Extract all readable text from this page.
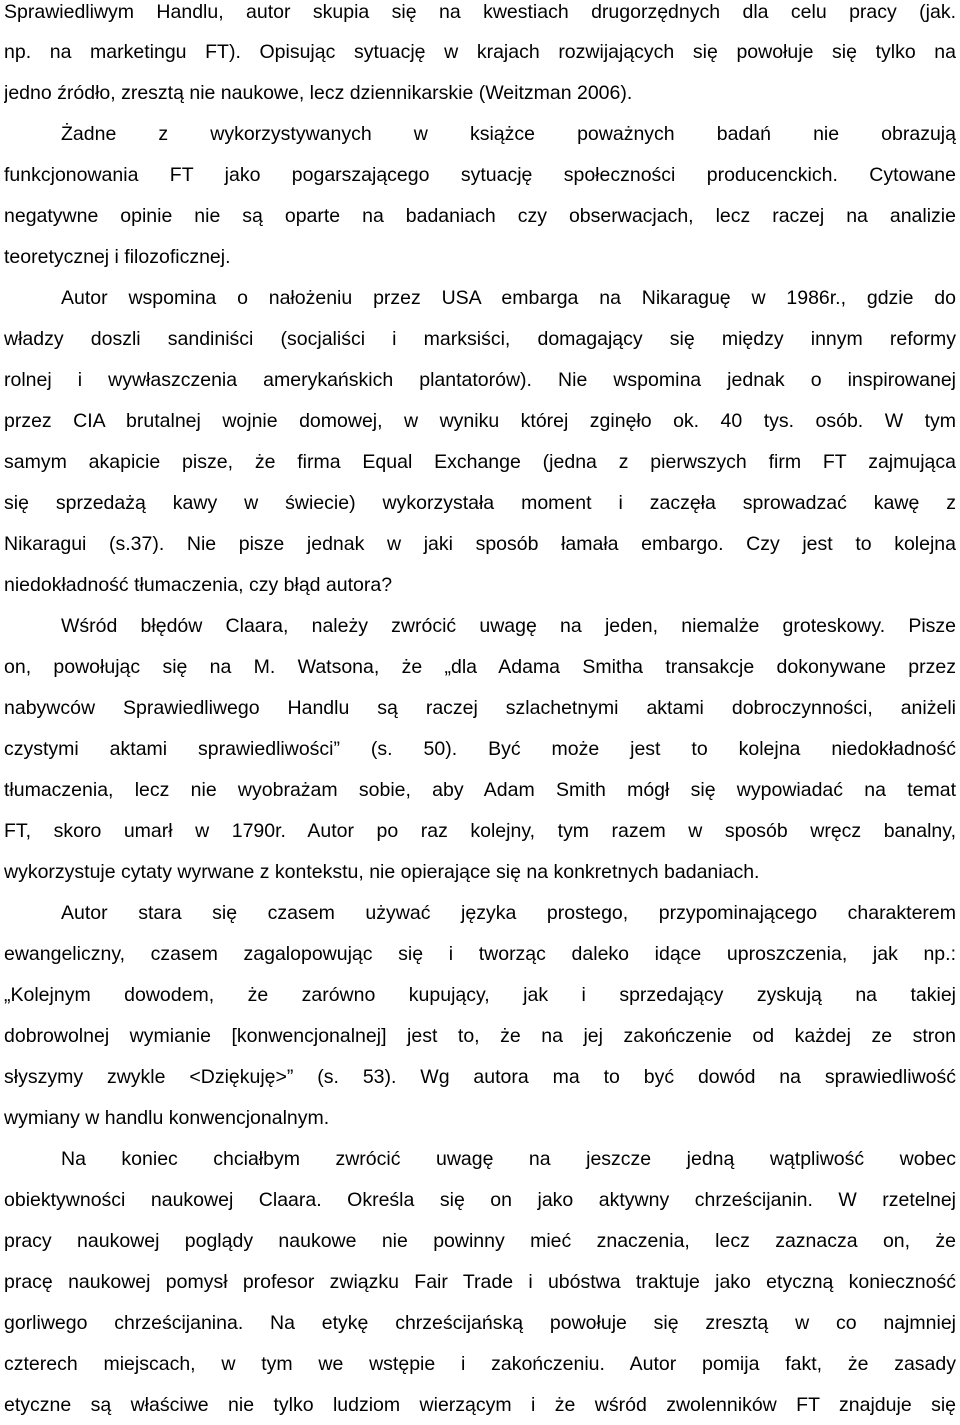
Sprawiedliwym Handlu, autor skupia się na kwestiach drugorzędnych dla celu pracy (jak.
np. na marketingu FT). Opisując sytuację w krajach rozwijających się powołuje się tylko na
jedno źródło, zresztą nie naukowe, lecz dziennikarskie (Weitzman 2006).
Żadne z wykorzystywanych w książce poważnych badań nie obrazują
funkcjonowania FT jako pogarszającego sytuację społeczności producenckich. Cytowane
negatywne opinie nie są oparte na badaniach czy obserwacjach, lecz raczej na analizie
teoretycznej i filozoficznej.
Autor wspomina o nałożeniu przez USA embarga na Nikaraguę w 1986r., gdzie do
władzy doszli sandiniści (socjaliści i marksiści, domagający się między innym reformy
rolnej i wywłaszczenia amerykańskich plantatorów). Nie wspomina jednak o inspirowanej
przez CIA brutalnej wojnie domowej, w wyniku której zginęło ok. 40 tys. osób. W tym
samym akapicie pisze, że firma Equal Exchange (jedna z pierwszych firm FT zajmująca
się sprzedażą kawy w świecie) wykorzystała moment i zaczęła sprowadzać kawę z
Nikaragui (s.37). Nie pisze jednak w jaki sposób łamała embargo. Czy jest to kolejna
niedokładność tłumaczenia, czy błąd autora?
Wśród błędów Claara, należy zwrócić uwagę na jeden, niemalże groteskowy. Pisze
on, powołując się na M. Watsona, że „dla Adama Smitha transakcje dokonywane przez
nabywców Sprawiedliwego Handlu są raczej szlachetnymi aktami dobroczynności, aniżeli
czystymi aktami sprawiedliwości” (s. 50). Być może jest to kolejna niedokładność
tłumaczenia, lecz nie wyobrażam sobie, aby Adam Smith mógł się wypowiadać na temat
FT, skoro umarł w 1790r. Autor po raz kolejny, tym razem w sposób wręcz banalny,
wykorzystuje cytaty wyrwane z kontekstu, nie opierające się na konkretnych badaniach.
Autor stara się czasem używać języka prostego, przypominającego charakterem
ewangeliczny, czasem zagalopowując się i tworząc daleko idące uproszczenia, jak np.:
„Kolejnym dowodem, że zarówno kupujący, jak i sprzedający zyskują na takiej
dobrowolnej wymianie [konwencjonalnej] jest to, że na jej zakończenie od każdej ze stron
słyszymy zwykle <Dziękuję>” (s. 53). Wg autora ma to być dowód na sprawiedliwość
wymiany w handlu konwencjonalnym.
Na koniec chciałbym zwrócić uwagę na jeszcze jedną wątpliwość wobec
obiektywności naukowej Claara. Określa się on jako aktywny chrześcijanin. W rzetelnej
pracy naukowej poglądy naukowe nie powinny mieć znaczenia, lecz zaznacza on, że
pracę naukowej pomysł profesor związku Fair Trade i ubóstwa traktuje jako etyczną konieczność
gorliwego chrześcijanina. Na etykę chrześcijańską powołuje się zresztą w co najmniej
czterech miejscach, w tym we wstępie i zakończeniu. Autor pomija fakt, że zasady
etyczne są właściwe nie tylko ludziom wierzącym i że wśród zwolenników FT znajduje się
